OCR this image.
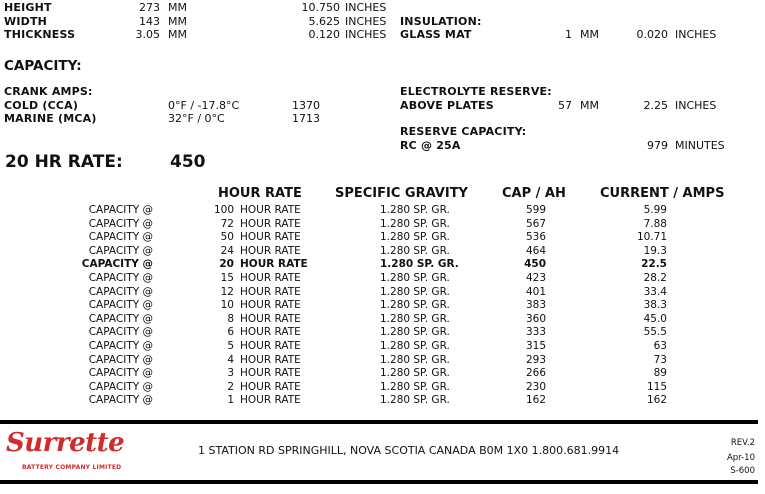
HEIGHT	273 MM	10.750 INCHES
WIDTH	143 MM	5.625 INCHES
THICKNESS	3.05 MM	0.120 INCHES
INSULATION:
GLASS MAT	1 MM	0.020 INCHES
CAPACITY:
CRANK AMPS:
COLD (CCA)	0°F / -17.8°C	1370
MARINE (MCA)	32°F / 0°C	1713
ELECTROLYTE RESERVE:
ABOVE PLATES	57 MM	2.25 INCHES
RESERVE CAPACITY:
RC @ 25A	979 MINUTES
20 HR RATE:	450
HOUR RATE	SPECIFIC GRAVITY	CAP / AH	CURRENT / AMPS
CAPACITY @	100 HOUR RATE	1.280 SP. GR.	599	5.99
CAPACITY @	72 HOUR RATE	1.280 SP. GR.	567	7.88
CAPACITY @	50 HOUR RATE	1.280 SP. GR.	536	10.71
CAPACITY @	24 HOUR RATE	1.280 SP. GR.	464	19.3
CAPACITY @	20 HOUR RATE	1.280 SP. GR.	450	22.5
CAPACITY @	15 HOUR RATE	1.280 SP. GR.	423	28.2
CAPACITY @	12 HOUR RATE	1.280 SP. GR.	401	33.4
CAPACITY @	10 HOUR RATE	1.280 SP. GR.	383	38.3
CAPACITY @	8 HOUR RATE	1.280 SP. GR.	360	45.0
CAPACITY @	6 HOUR RATE	1.280 SP. GR.	333	55.5
CAPACITY @	5 HOUR RATE	1.280 SP. GR.	315	63
CAPACITY @	4 HOUR RATE	1.280 SP. GR.	293	73
CAPACITY @	3 HOUR RATE	1.280 SP. GR.	266	89
CAPACITY @	2 HOUR RATE	1.280 SP. GR.	230	115
CAPACITY @	1 HOUR RATE	1.280 SP. GR.	162	162
Surrette
BATTERY COMPANY LIMITED
1 STATION RD SPRINGHILL, NOVA SCOTIA CANADA B0M 1X0 1.800.681.9914
REV.2
Apr-10
S-600
